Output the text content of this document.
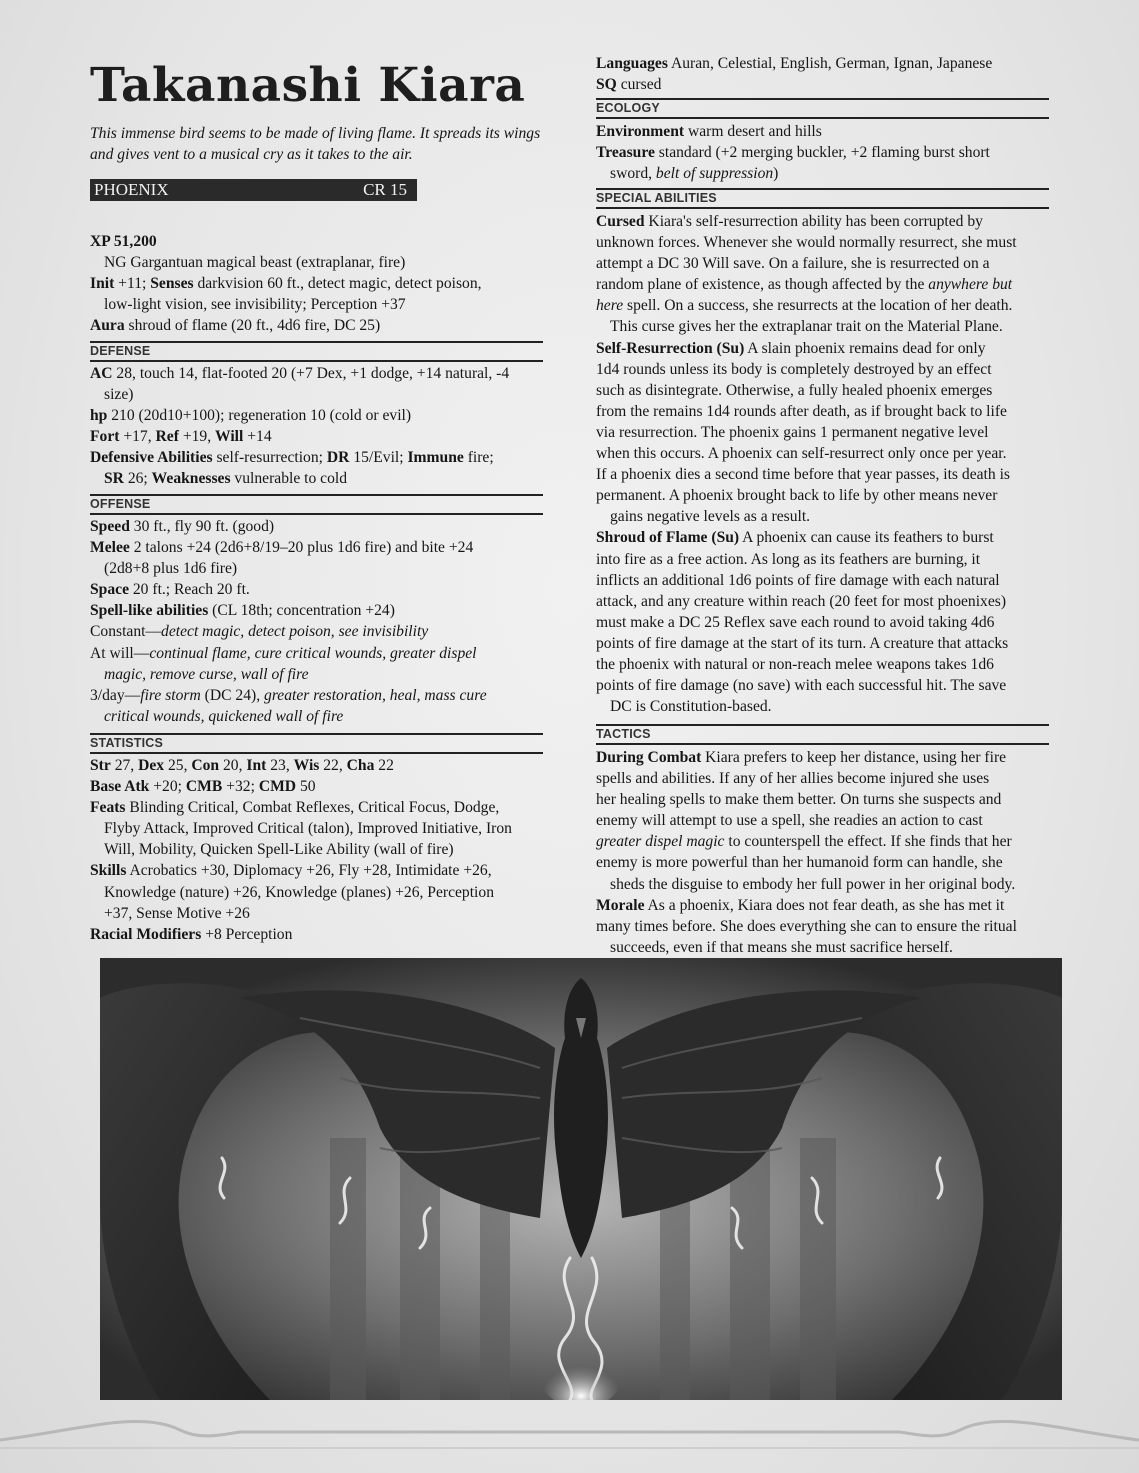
Takanashi Kiara
This immense bird seems to be made of living flame. It spreads its wings and gives vent to a musical cry as it takes to the air.
PHOENIX	CR 15
XP 51,200
NG Gargantuan magical beast (extraplanar, fire)
Init +11; Senses darkvision 60 ft., detect magic, detect poison,
low-light vision, see invisibility; Perception +37
Aura shroud of flame (20 ft., 4d6 fire, DC 25)
DEFENSE
AC 28, touch 14, flat-footed 20 (+7 Dex, +1 dodge, +14 natural, -4
size)
hp 210 (20d10+100); regeneration 10 (cold or evil)
Fort +17, Ref +19, Will +14
Defensive Abilities self-resurrection; DR 15/Evil; Immune fire;
SR 26; Weaknesses vulnerable to cold
OFFENSE
Speed 30 ft., fly 90 ft. (good)
Melee 2 talons +24 (2d6+8/19–20 plus 1d6 fire) and bite +24
(2d8+8 plus 1d6 fire)
Space 20 ft.; Reach 20 ft.
Spell-like abilities (CL 18th; concentration +24)
Constant—detect magic, detect poison, see invisibility
At will—continual flame, cure critical wounds, greater dispel
magic, remove curse, wall of fire
3/day—fire storm (DC 24), greater restoration, heal, mass cure
critical wounds, quickened wall of fire
STATISTICS
Str 27, Dex 25, Con 20, Int 23, Wis 22, Cha 22
Base Atk +20; CMB +32; CMD 50
Feats Blinding Critical, Combat Reflexes, Critical Focus, Dodge,
Flyby Attack, Improved Critical (talon), Improved Initiative, Iron
Will, Mobility, Quicken Spell-Like Ability (wall of fire)
Skills Acrobatics +30, Diplomacy +26, Fly +28, Intimidate +26,
Knowledge (nature) +26, Knowledge (planes) +26, Perception
+37, Sense Motive +26
Racial Modifiers +8 Perception
Languages Auran, Celestial, English, German, Ignan, Japanese
SQ cursed
ECOLOGY
Environment warm desert and hills
Treasure standard (+2 merging buckler, +2 flaming burst short
sword, belt of suppression)
SPECIAL ABILITIES
Cursed Kiara's self-resurrection ability has been corrupted by
unknown forces. Whenever she would normally resurrect, she must
attempt a DC 30 Will save. On a failure, she is resurrected on a
random plane of existence, as though affected by the anywhere but
here spell. On a success, she resurrects at the location of her death.
This curse gives her the extraplanar trait on the Material Plane.
Self-Resurrection (Su) A slain phoenix remains dead for only
1d4 rounds unless its body is completely destroyed by an effect
such as disintegrate. Otherwise, a fully healed phoenix emerges
from the remains 1d4 rounds after death, as if brought back to life
via resurrection. The phoenix gains 1 permanent negative level
when this occurs. A phoenix can self-resurrect only once per year.
If a phoenix dies a second time before that year passes, its death is
permanent. A phoenix brought back to life by other means never
gains negative levels as a result.
Shroud of Flame (Su) A phoenix can cause its feathers to burst
into fire as a free action. As long as its feathers are burning, it
inflicts an additional 1d6 points of fire damage with each natural
attack, and any creature within reach (20 feet for most phoenixes)
must make a DC 25 Reflex save each round to avoid taking 4d6
points of fire damage at the start of its turn. A creature that attacks
the phoenix with natural or non-reach melee weapons takes 1d6
points of fire damage (no save) with each successful hit. The save
DC is Constitution-based.
TACTICS
During Combat Kiara prefers to keep her distance, using her fire
spells and abilities. If any of her allies become injured she uses
her healing spells to make them better. On turns she suspects and
enemy will attempt to use a spell, she readies an action to cast
greater dispel magic to counterspell the effect. If she finds that her
enemy is more powerful than her humanoid form can handle, she
sheds the disguise to embody her full power in her original body.
Morale As a phoenix, Kiara does not fear death, as she has met it
many times before. She does everything she can to ensure the ritual
succeeds, even if that means she must sacrifice herself.
